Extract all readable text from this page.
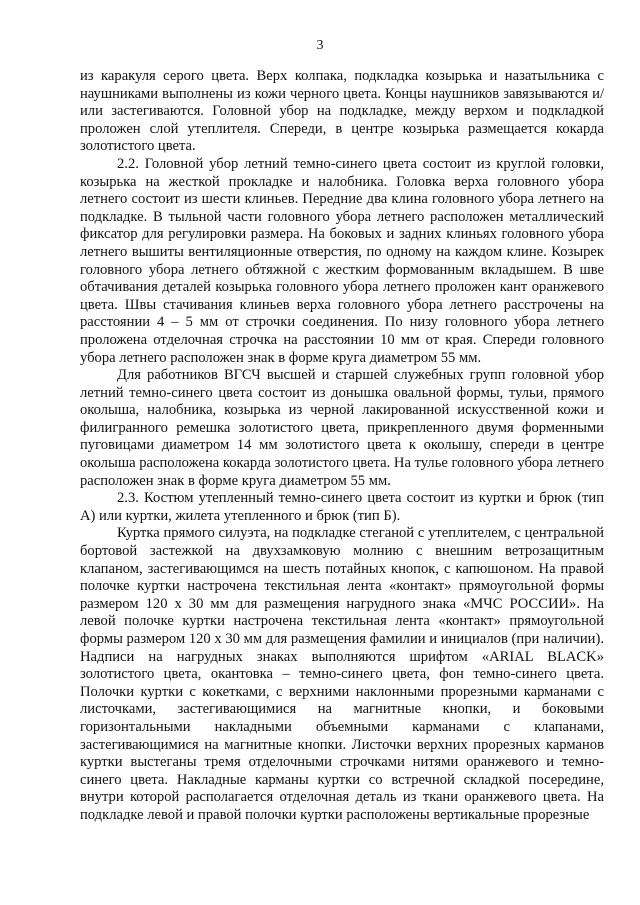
3

из каракуля серого цвета. Верх колпака, подкладка козырька и назатыльника с наушниками выполнены из кожи черного цвета. Концы наушников завязываются и/или застегиваются. Головной убор на подкладке, между верхом и подкладкой проложен слой утеплителя. Спереди, в центре козырька размещается кокарда золотистого цвета.

2.2. Головной убор летний темно-синего цвета состоит из круглой головки, козырька на жесткой прокладке и налобника. Головка верха головного убора летнего состоит из шести клиньев. Передние два клина головного убора летнего на подкладке. В тыльной части головного убора летнего расположен металлический фиксатор для регулировки размера. На боковых и задних клиньях головного убора летнего вышиты вентиляционные отверстия, по одному на каждом клине. Козырек головного убора летнего обтяжной с жестким формованным вкладышем. В шве обтачивания деталей козырька головного убора летнего проложен кант оранжевого цвета. Швы стачивания клиньев верха головного убора летнего расстрочены на расстоянии 4 – 5 мм от строчки соединения. По низу головного убора летнего проложена отделочная строчка на расстоянии 10 мм от края. Спереди головного убора летнего расположен знак в форме круга диаметром 55 мм.

Для работников ВГСЧ высшей и старшей служебных групп головной убор летний темно-синего цвета состоит из донышка овальной формы, тульи, прямого околыша, налобника, козырька из черной лакированной искусственной кожи и филигранного ремешка золотистого цвета, прикрепленного двумя форменными пуговицами диаметром 14 мм золотистого цвета к околышу, спереди в центре околыша расположена кокарда золотистого цвета. На тулье головного убора летнего расположен знак в форме круга диаметром 55 мм.

2.3. Костюм утепленный темно-синего цвета состоит из куртки и брюк (тип А) или куртки, жилета утепленного и брюк (тип Б).

Куртка прямого силуэта, на подкладке стеганой с утеплителем, с центральной бортовой застежкой на двухзамковую молнию с внешним ветрозащитным клапаном, застегивающимся на шесть потайных кнопок, с капюшоном. На правой полочке куртки настрочена текстильная лента «контакт» прямоугольной формы размером 120 х 30 мм для размещения нагрудного знака «МЧС РОССИИ». На левой полочке куртки настрочена текстильная лента «контакт» прямоугольной формы размером 120 х 30 мм для размещения фамилии и инициалов (при наличии). Надписи на нагрудных знаках выполняются шрифтом «ARIAL BLACK» золотистого цвета, окантовка – темно-синего цвета, фон темно-синего цвета. Полочки куртки с кокетками, с верхними наклонными прорезными карманами с листочками, застегивающимися на магнитные кнопки, и боковыми горизонтальными накладными объемными карманами с клапанами, застегивающимися на магнитные кнопки. Листочки верхних прорезных карманов куртки выстеганы тремя отделочными строчками нитями оранжевого и темно-синего цвета. Накладные карманы куртки со встречной складкой посередине, внутри которой располагается отделочная деталь из ткани оранжевого цвета. На подкладке левой и правой полочки куртки расположены вертикальные прорезные
